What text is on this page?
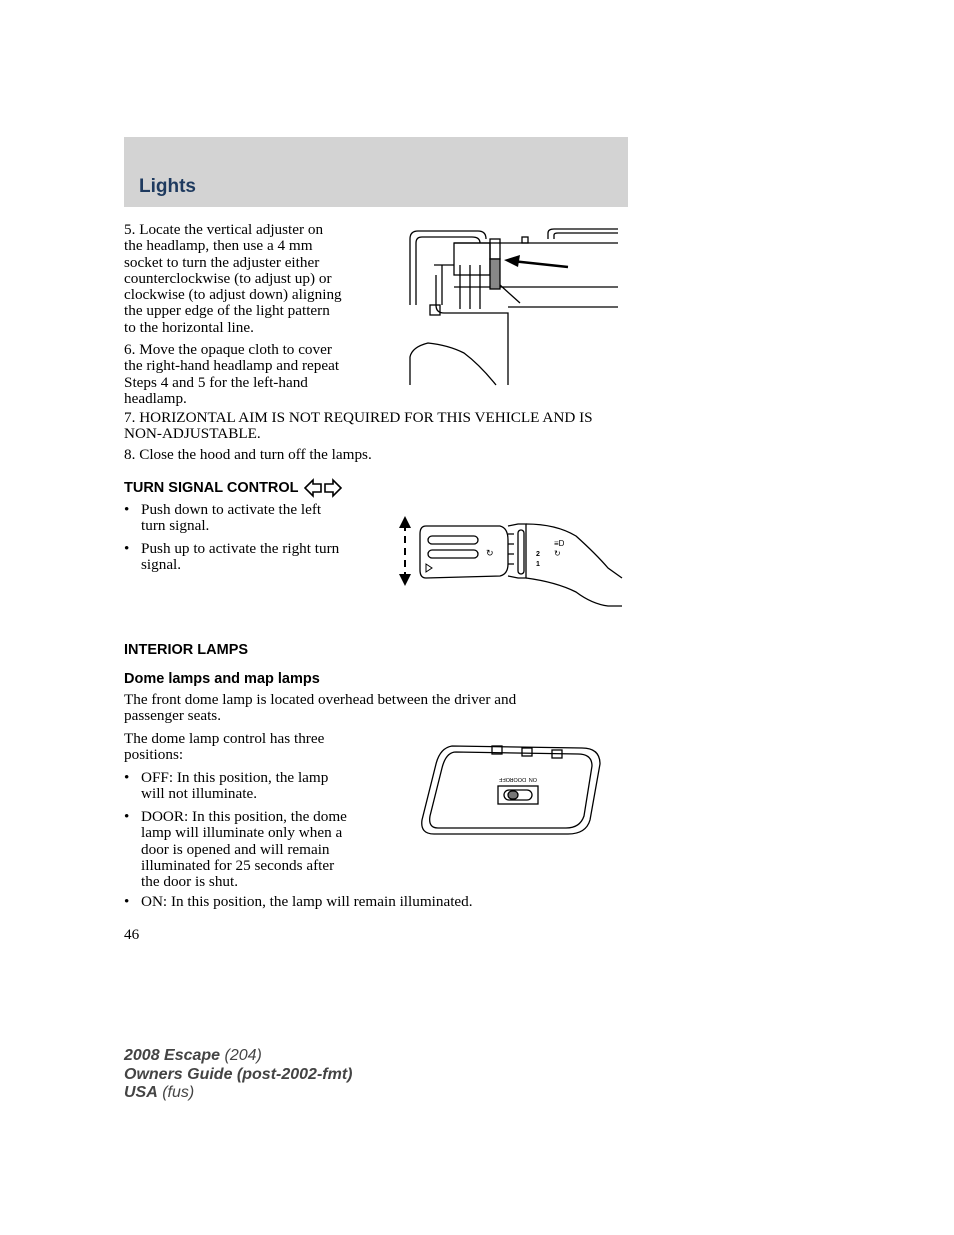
Lights

5. Locate the vertical adjuster on

the headlamp, then use a 4 mm

socket to turn the adjuster either

counterclockwise (to adjust up) or

clockwise (to adjust down) aligning

the upper edge of the light pattern

to the horizontal line.

6. Move the opaque cloth to cover

the right-hand headlamp and repeat

Steps 4 and 5 for the left-hand

headlamp.

7. HORIZONTAL AIM IS NOT REQUIRED FOR THIS VEHICLE AND IS

NON-ADJUSTABLE.

8. Close the hood and turn off the lamps.

TURN SIGNAL CONTROL
• Push down to activate the left

turn signal.

• Push up to activate the right turn

signal.

2
1
↻
≡D
↻

INTERIOR LAMPS

Dome lamps and map lamps

The front dome lamp is located overhead between the driver and

passenger seats.

The dome lamp control has three

positions:

• OFF: In this position, the lamp

will not illuminate.

• DOOR: In this position, the dome

lamp will illuminate only when a

door is opened and will remain

illuminated for 25 seconds after

the door is shut.

• ON: In this position, the lamp will remain illuminated.

OFF DOOR ON

46

2008 Escape (204)

Owners Guide (post-2002-fmt)

USA (fus)
